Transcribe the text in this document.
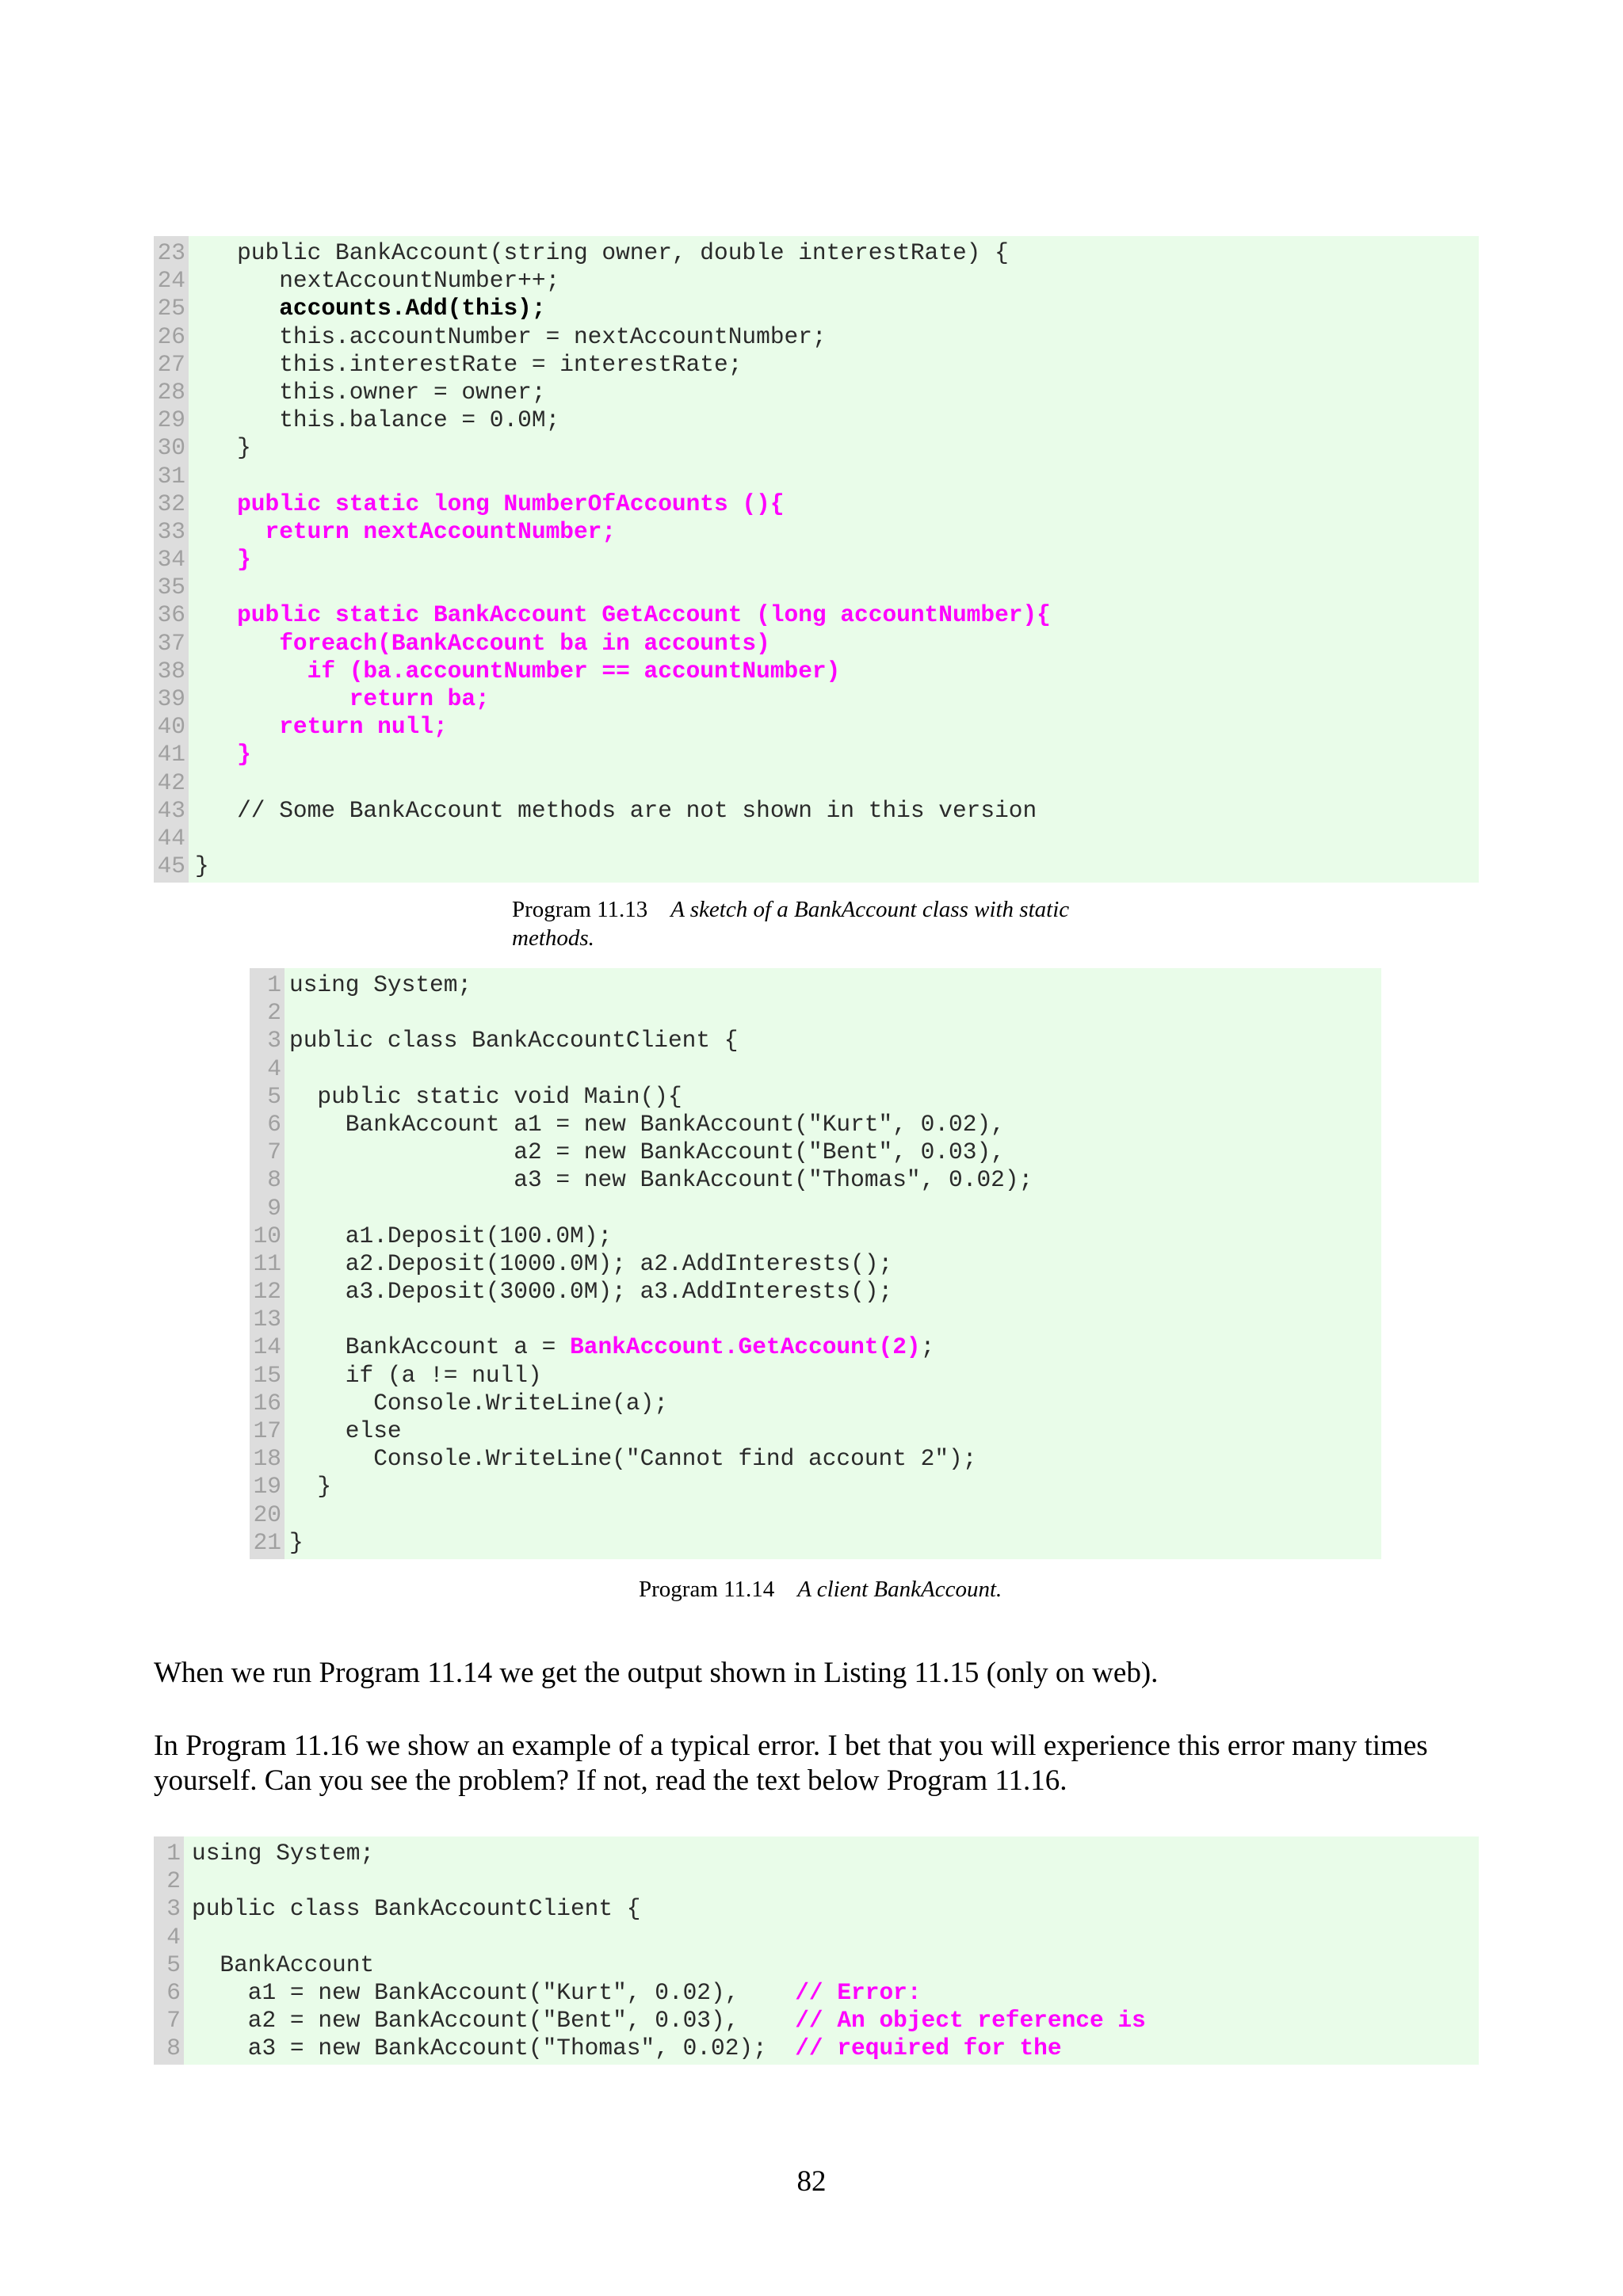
23
24
25
26
27
28
29
30
31
32
33
34
35
36
37
38
39
40
41
42
43
44
45
public BankAccount(string owner, double interestRate) {
nextAccountNumber++;
accounts.Add(this);
this.accountNumber = nextAccountNumber;
this.interestRate = interestRate;
this.owner = owner;
this.balance = 0.0M;
}

public static long NumberOfAccounts (){
return nextAccountNumber;
}

public static BankAccount GetAccount (long accountNumber){
foreach(BankAccount ba in accounts)
if (ba.accountNumber == accountNumber)
return ba;
return null;
}

// Some BankAccount methods are not shown in this version

}
Program 11.13 A sketch of a BankAccount class with static
methods.
1
2
3
4
5
6
7
8
9
10
11
12
13
14
15
16
17
18
19
20
21
using System;

public class BankAccountClient {

public static void Main(){
BankAccount a1 = new BankAccount("Kurt", 0.02),
a2 = new BankAccount("Bent", 0.03),
a3 = new BankAccount("Thomas", 0.02);

a1.Deposit(100.0M);
a2.Deposit(1000.0M); a2.AddInterests();
a3.Deposit(3000.0M); a3.AddInterests();

BankAccount a = BankAccount.GetAccount(2);
if (a != null)
Console.WriteLine(a);
else
Console.WriteLine("Cannot find account 2");
}

}
Program 11.14 A client BankAccount.
When we run Program 11.14 we get the output shown in Listing 11.15 (only on web).
In Program 11.16 we show an example of a typical error. I bet that you will experience this error many times yourself. Can you see the problem? If not, read the text below Program 11.16.
1
2
3
4
5
6
7
8
using System;

public class BankAccountClient {

BankAccount
a1 = new BankAccount("Kurt", 0.02),    // Error:
a2 = new BankAccount("Bent", 0.03),    // An object reference is
a3 = new BankAccount("Thomas", 0.02);  // required for the
82
